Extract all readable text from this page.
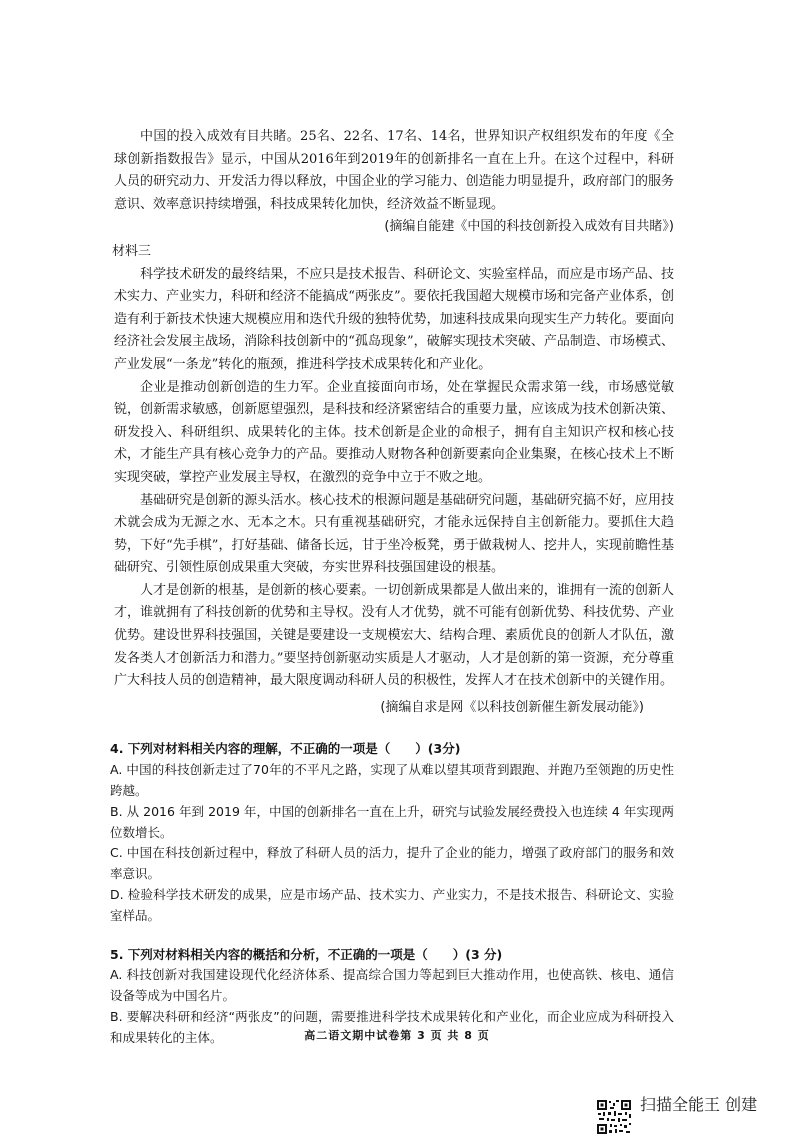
中国的投入成效有目共睹。25名、22名、17名、14名，世界知识产权组织发布的年度《全球创新指数报告》显示，中国从2016年到2019年的创新排名一直在上升。在这个过程中，科研人员的研究动力、开发活力得以释放，中国企业的学习能力、创造能力明显提升，政府部门的服务意识、效率意识持续增强，科技成果转化加快，经济效益不断显现。

(摘编自能建《中国的科技创新投入成效有目共睹》)

材料三

科学技术研发的最终结果，不应只是技术报告、科研论文、实验室样品，而应是市场产品、技术实力、产业实力，科研和经济不能搞成“两张皮”。要依托我国超大规模市场和完备产业体系，创造有利于新技术快速大规模应用和迭代升级的独特优势，加速科技成果向现实生产力转化。要面向经济社会发展主战场，消除科技创新中的“孤岛现象”，破解实现技术突破、产品制造、市场模式、产业发展“一条龙”转化的瓶颈，推进科学技术成果转化和产业化。

企业是推动创新创造的生力军。企业直接面向市场，处在掌握民众需求第一线，市场感觉敏锐，创新需求敏感，创新愿望强烈，是科技和经济紧密结合的重要力量，应该成为技术创新决策、研发投入、科研组织、成果转化的主体。技术创新是企业的命根子，拥有自主知识产权和核心技术，才能生产具有核心竞争力的产品。要推动人财物各种创新要素向企业集聚，在核心技术上不断实现突破，掌控产业发展主导权，在激烈的竞争中立于不败之地。

基础研究是创新的源头活水。核心技术的根源问题是基础研究问题，基础研究搞不好，应用技术就会成为无源之水、无本之木。只有重视基础研究，才能永远保持自主创新能力。要抓住大趋势，下好“先手棋”，打好基础、储备长远，甘于坐冷板凳，勇于做栽树人、挖井人，实现前瞻性基础研究、引领性原创成果重大突破，夯实世界科技强国建设的根基。

人才是创新的根基，是创新的核心要素。一切创新成果都是人做出来的，谁拥有一流的创新人才，谁就拥有了科技创新的优势和主导权。没有人才优势，就不可能有创新优势、科技优势、产业优势。建设世界科技强国，关键是要建设一支规模宏大、结构合理、素质优良的创新人才队伍，激发各类人才创新活力和潜力。”要坚持创新驱动实质是人才驱动，人才是创新的第一资源，充分尊重广大科技人员的创造精神，最大限度调动科研人员的积极性，发挥人才在技术创新中的关键作用。

(摘编自求是网《以科技创新催生新发展动能》)

4. 下列对材料相关内容的理解，不正确的一项是（　　）(3分)

A. 中国的科技创新走过了70年的不平凡之路，实现了从难以望其项背到跟跑、并跑乃至领跑的历史性跨越。

B. 从 2016 年到 2019 年，中国的创新排名一直在上升，研究与试验发展经费投入也连续 4 年实现两位数增长。

C. 中国在科技创新过程中，释放了科研人员的活力，提升了企业的能力，增强了政府部门的服务和效率意识。

D. 检验科学技术研发的成果，应是市场产品、技术实力、产业实力，不是技术报告、科研论文、实验室样品。

5. 下列对材料相关内容的概括和分析，不正确的一项是（　　）(3 分)

A. 科技创新对我国建设现代化经济体系、提高综合国力等起到巨大推动作用，也使高铁、核电、通信设备等成为中国名片。

B. 要解决科研和经济“两张皮”的问题，需要推进科学技术成果转化和产业化，而企业应成为科研投入和成果转化的主体。	高二语文期中试卷第 3 页 共 8 页
扫描全能王 创建
